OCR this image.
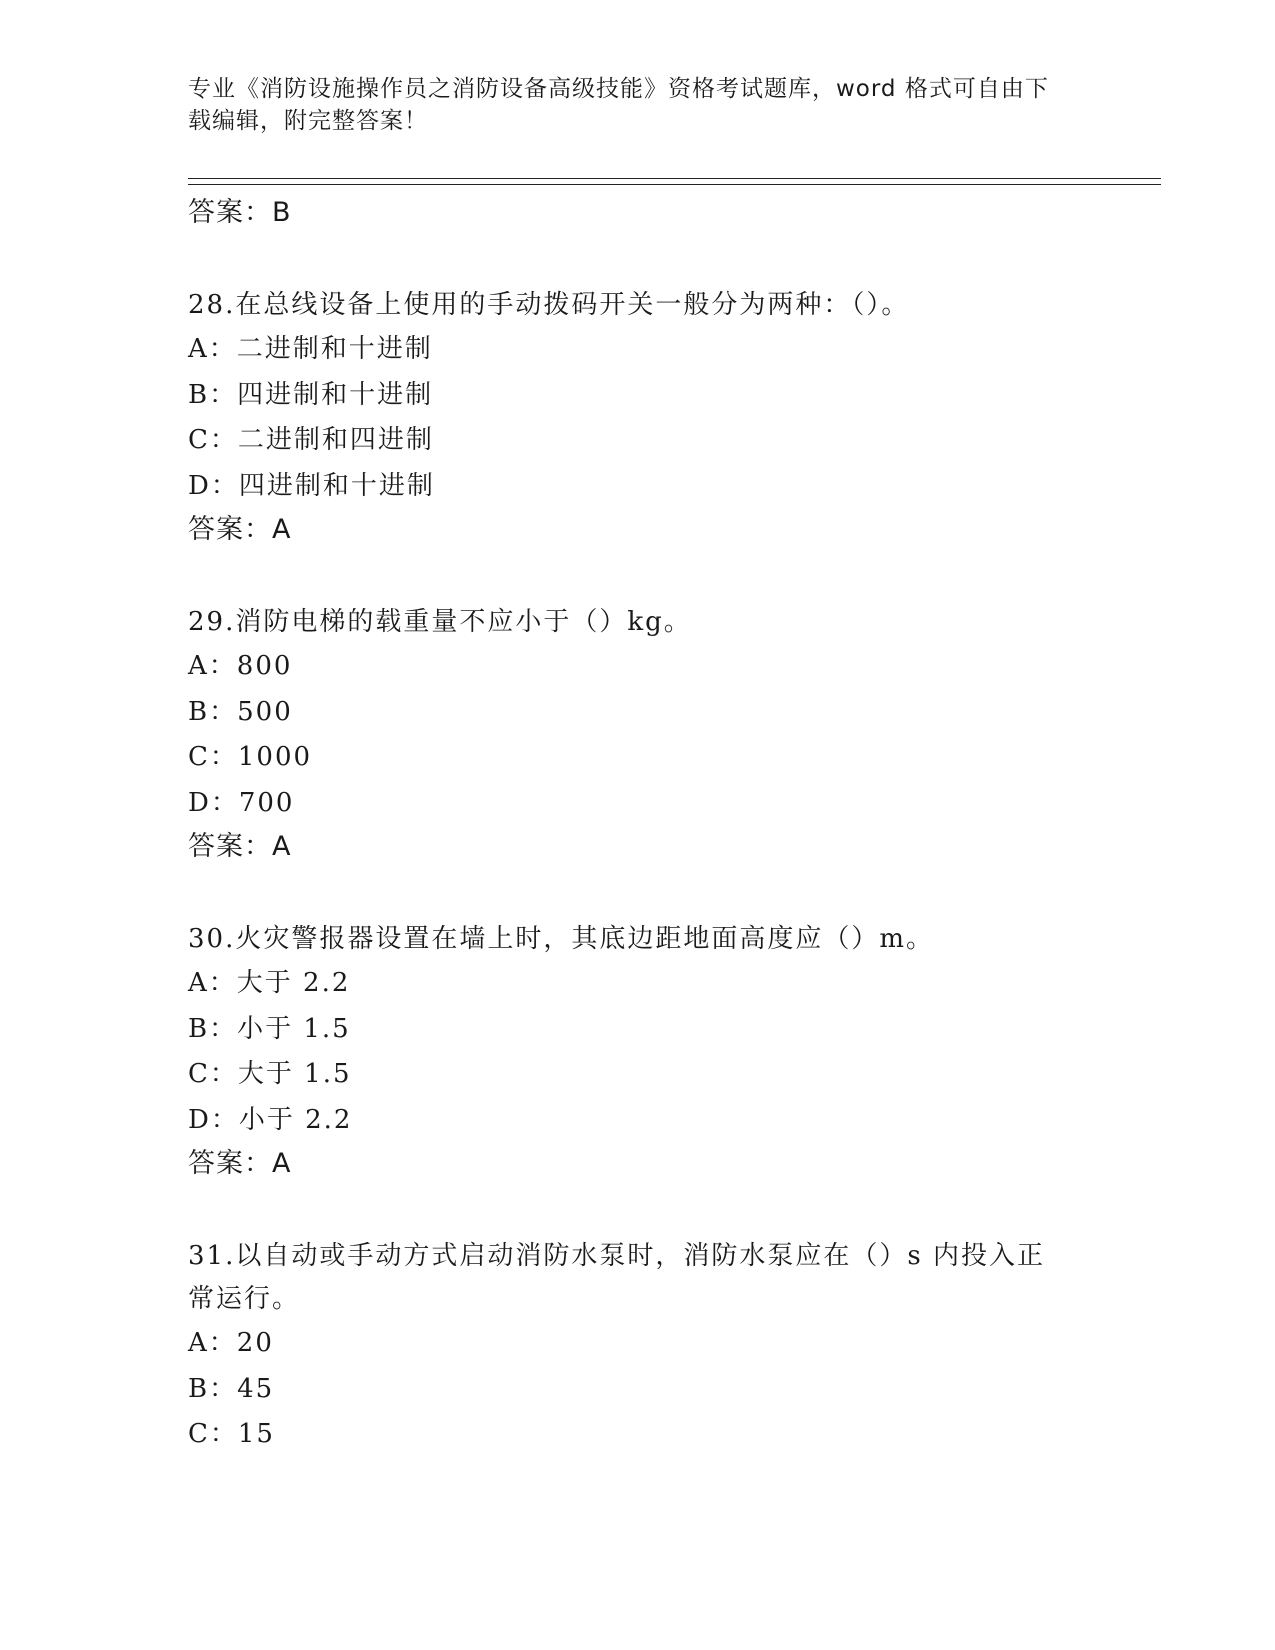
专业《消防设施操作员之消防设备高级技能》资格考试题库，word 格式可自由下
载编辑，附完整答案！
答案：B
28.在总线设备上使用的手动拨码开关一般分为两种：（）。
A：二进制和十进制
B：四进制和十进制
C：二进制和四进制
D：四进制和十进制
答案：A
29.消防电梯的载重量不应小于（）kg。
A：800
B：500
C：1000
D：700
答案：A
30.火灾警报器设置在墙上时，其底边距地面高度应（）m。
A：大于 2.2
B：小于 1.5
C：大于 1.5
D：小于 2.2
答案：A
31.以自动或手动方式启动消防水泵时，消防水泵应在（）s 内投入正
常运行。
A：20
B：45
C：15
